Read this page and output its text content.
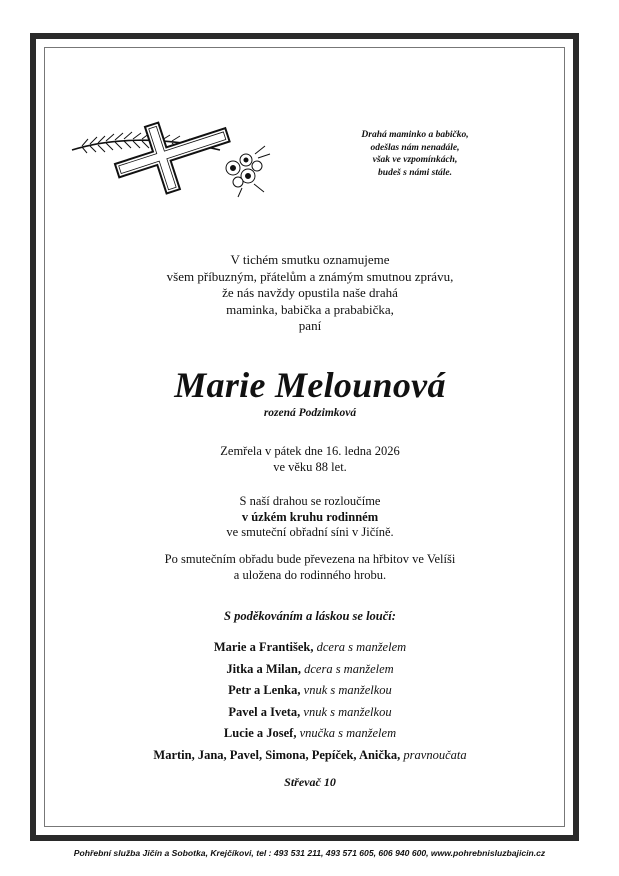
Drahá maminko a babičko,
odešlas nám nenadále,
však ve vzpomínkách,
budeš s námi stále.
V tichém smutku oznamujeme
všem příbuzným, přátelům a známým smutnou zprávu,
že nás navždy opustila naše drahá
maminka, babička a prababička,
paní
Marie Melounová
rozená Podzimková
Zemřela v pátek dne 16. ledna 2026
ve věku 88 let.
S naší drahou se rozloučíme
v úzkém kruhu rodinném
ve smuteční obřadní síni v Jičíně.
Po smutečním obřadu bude převezena na hřbitov ve Velíši
a uložena do rodinného hrobu.
S poděkováním a láskou se loučí:
Marie a František, dcera s manželem
Jitka a Milan, dcera s manželem
Petr a Lenka, vnuk s manželkou
Pavel a Iveta, vnuk s manželkou
Lucie a Josef, vnučka s manželem
Martin, Jana, Pavel, Simona, Pepíček, Anička, pravnoučata
Střevač 10
Pohřební služba Jičín a Sobotka, Krejčíkovi, tel : 493 531 211, 493 571 605, 606 940 600, www.pohrebnisluzbajicin.cz
